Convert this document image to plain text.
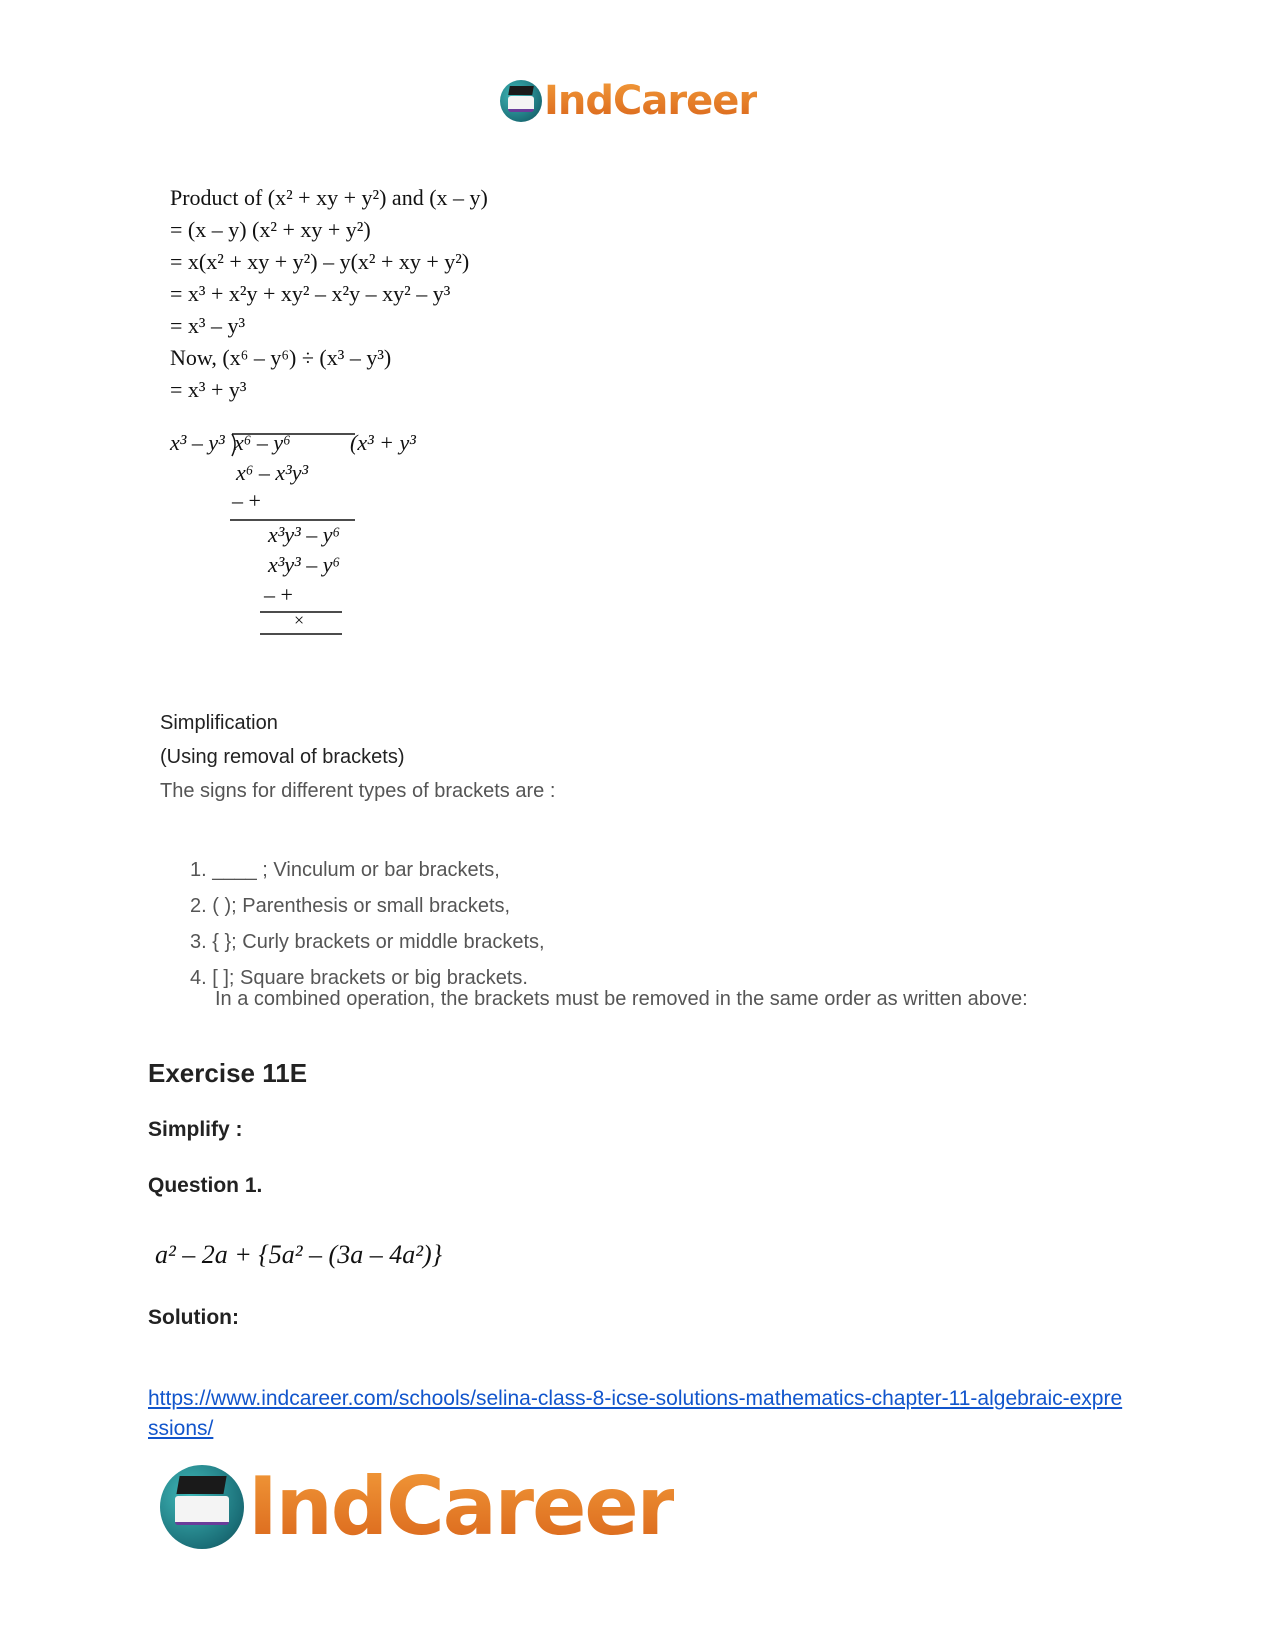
IndCareer
Product of (x² + xy + y²) and (x – y)
= (x – y) (x² + xy + y²)
= x(x² + xy + y²) – y(x² + xy + y²)
= x³ + x²y + xy² – x²y – xy² – y³
= x³ – y³
Now, (x⁶ – y⁶) ÷ (x³ – y³)
= x³ + y³
x³ – y³ x⁶ – y⁶	(x³ + y³
x⁶ – x³y³
– +
x³y³ – y⁶
x³y³ – y⁶
– +
×
Simplification
(Using removal of brackets)
The signs for different types of brackets are :
1. ____ ; Vinculum or bar brackets,
2. ( ); Parenthesis or small brackets,
3. { }; Curly brackets or middle brackets,
4. [ ]; Square brackets or big brackets.
In a combined operation, the brackets must be removed in the same order as written above:
Exercise 11E
Simplify :
Question 1.
a² – 2a + {5a² – (3a – 4a²)}
Solution:
https://www.indcareer.com/schools/selina-class-8-icse-solutions-mathematics-chapter-11-algebraic-expressions/
IndCareer
